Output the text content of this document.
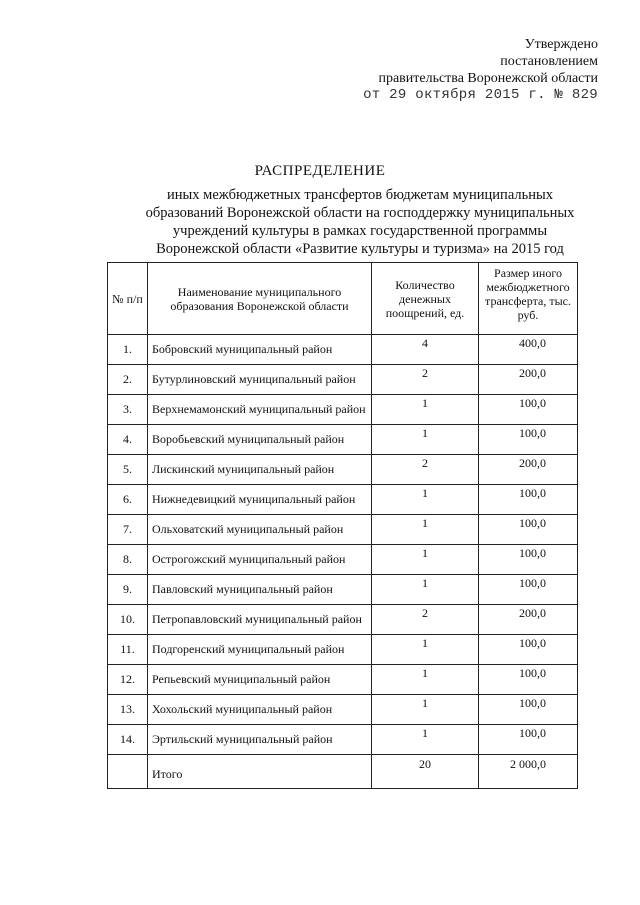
Утверждено
постановлением
правительства Воронежской области
от 29 октября 2015 г. № 829
РАСПРЕДЕЛЕНИЕ
иных межбюджетных трансфертов бюджетам муниципальных образований Воронежской области на господдержку муниципальных учреждений культуры в рамках государственной программы Воронежской области «Развитие культуры и туризма» на 2015 год
№ п/п	Наименование муниципального образования Воронежской области	Количество денежных поощрений, ед.	Размер иного межбюджетного трансферта, тыс. руб.
1.	Бобровский муниципальный район	4	400,0
2.	Бутурлиновский муниципальный район	2	200,0
3.	Верхнемамонский муниципальный район	1	100,0
4.	Воробьевский муниципальный район	1	100,0
5.	Лискинский муниципальный район	2	200,0
6.	Нижнедевицкий муниципальный район	1	100,0
7.	Ольховатский муниципальный район	1	100,0
8.	Острогожский муниципальный район	1	100,0
9.	Павловский муниципальный район	1	100,0
10.	Петропавловский муниципальный район	2	200,0
11.	Подгоренский муниципальный район	1	100,0
12.	Репьевский муниципальный район	1	100,0
13.	Хохольский муниципальный район	1	100,0
14.	Эртильский муниципальный район	1	100,0
	Итого	20	2 000,0
